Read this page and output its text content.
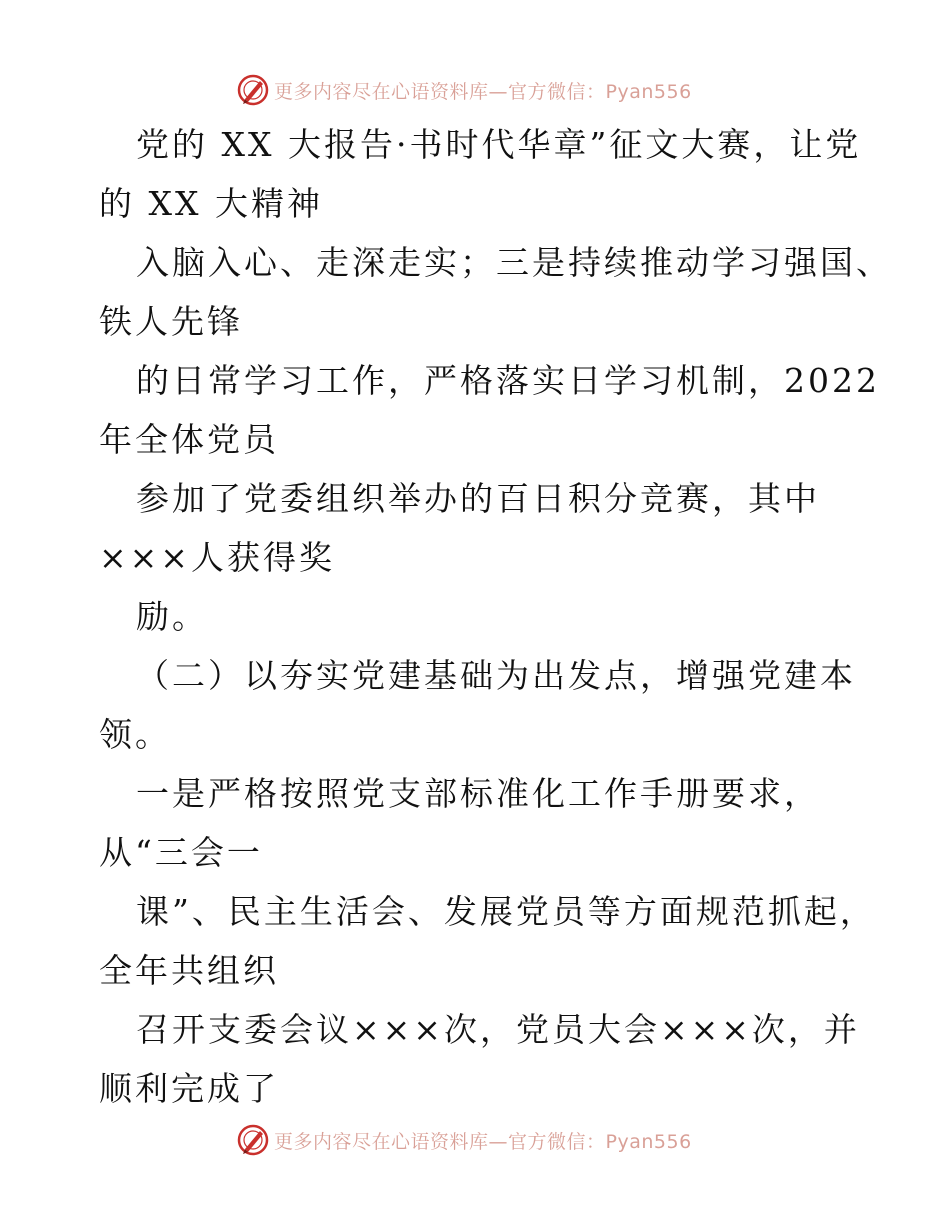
更多内容尽在心语资料库—官方微信：Pyan556
党的 XX 大报告·书时代华章”征文大赛，让党
的 XX 大精神
入脑入心、走深走实；三是持续推动学习强国、
铁人先锋
的日常学习工作，严格落实日学习机制，2022
年全体党员
参加了党委组织举办的百日积分竞赛，其中
×××人获得奖
励。
（二）以夯实党建基础为出发点，增强党建本
领。
一是严格按照党支部标准化工作手册要求，
从“三会一
课”、民主生活会、发展党员等方面规范抓起，
全年共组织
召开支委会议×××次，党员大会×××次，并
顺利完成了
更多内容尽在心语资料库—官方微信：Pyan556
